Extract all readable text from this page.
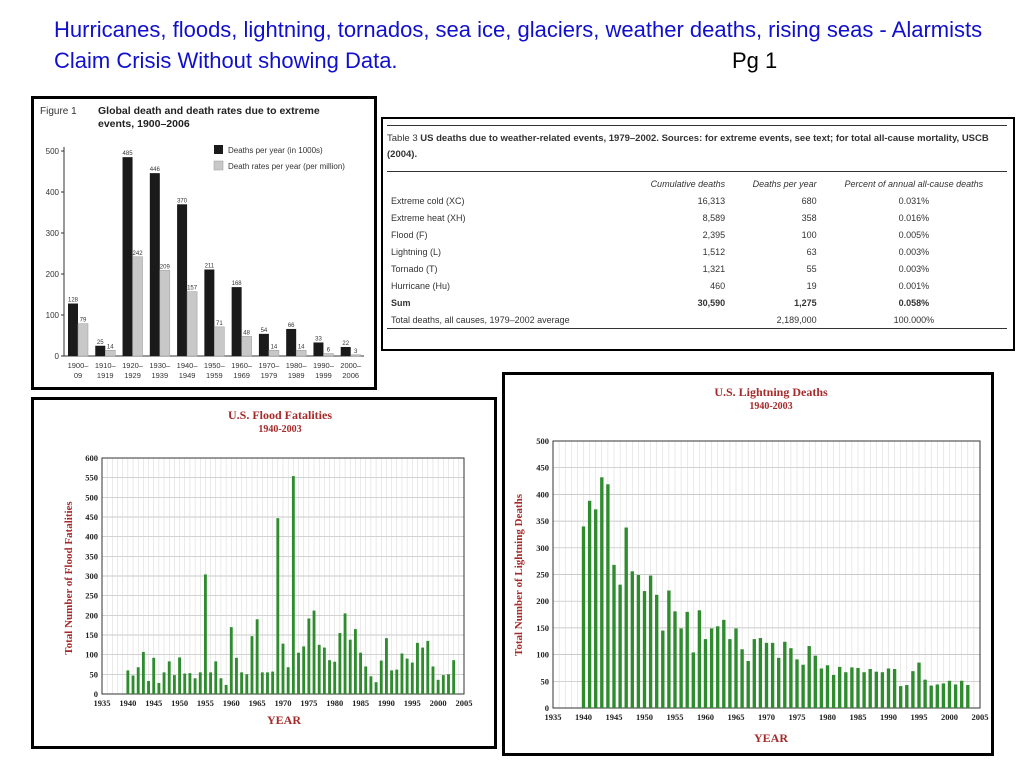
Hurricanes, floods, lightning, tornados, sea ice, glaciers, weather deaths, rising seas - Alarmists Claim Crisis Without showing Data.	Pg 1
Figure 1 Global death and death rates due to extreme
events, 1900–2006
Deaths per year (in 1000s)
Death rates per year (per million)
0
100
200
300
400
500
1900–
09
1910–
1919
1920–
1929
1930–
1939
1940–
1949
1950–
1959
1960–
1969
1970–
1979
1980–
1989
1990–
1999
2000–
2006
128
79
25
14
485
242
446
209
370
157
211
71
168
48 54
14
66
14
33
6
22
3
Table 3 US deaths due to weather-related events, 1979–2002. Sources: for extreme events, see text; for total all-cause mortality, USCB (2004).
	Cumulative deaths	Deaths per year	Percent of annual all-cause deaths
Extreme cold (XC)	16,313	680	0.031%
Extreme heat (XH)	8,589	358	0.016%
Flood (F)	2,395	100	0.005%
Lightning (L)	1,512	63	0.003%
Tornado (T)	1,321	55	0.003%
Hurricane (Hu)	460	19	0.001%
Sum	30,590	1,275	0.058%
Total deaths, all causes, 1979–2002 average		2,189,000	100.000%
U.S. Flood Fatalities
1940-2003
YEAR
Total Number of Flood Fatalities
0
50
100
150
200
250
300
350
400
450
500
550
600
1935 1940 1945 1950 1955 1960 1965 1970 1975 1980 1985 1990 1995 2000 2005
U.S. Lightning Deaths
1940-2003
YEAR
Total Number of Lightning Deaths
0
50
100
150
200
250
300
350
400
450
500
1935 1940 1945 1950 1955 1960 1965 1970 1975 1980 1985 1990 1995 2000 2005
